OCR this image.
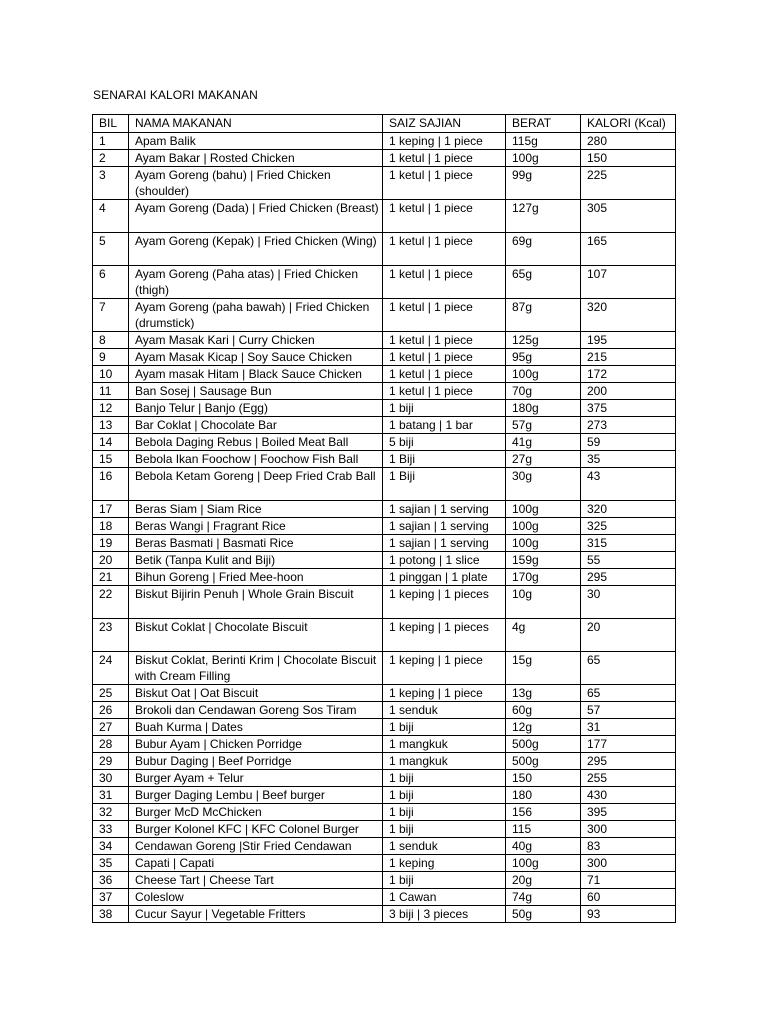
SENARAI KALORI MAKANAN
BIL	NAMA MAKANAN	SAIZ SAJIAN	BERAT	KALORI (Kcal)
1	Apam Balik	1 keping | 1 piece	115g	280
2	Ayam Bakar | Rosted Chicken	1 ketul | 1 piece	100g	150
3	Ayam Goreng (bahu) | Fried Chicken (shoulder)	1 ketul | 1 piece	99g	225
4	Ayam Goreng (Dada) | Fried Chicken (Breast)	1 ketul | 1 piece	127g	305
5	Ayam Goreng (Kepak) | Fried Chicken (Wing)	1 ketul | 1 piece	69g	165
6	Ayam Goreng (Paha atas) | Fried Chicken (thigh)	1 ketul | 1 piece	65g	107
7	Ayam Goreng (paha bawah) | Fried Chicken (drumstick)	1 ketul | 1 piece	87g	320
8	Ayam Masak Kari | Curry Chicken	1 ketul | 1 piece	125g	195
9	Ayam Masak Kicap | Soy Sauce Chicken	1 ketul | 1 piece	95g	215
10	Ayam masak Hitam | Black Sauce Chicken	1 ketul | 1 piece	100g	172
11	Ban Sosej | Sausage Bun	1 ketul | 1 piece	70g	200
12	Banjo Telur | Banjo (Egg)	1 biji	180g	375
13	Bar Coklat | Chocolate Bar	1 batang | 1 bar	57g	273
14	Bebola Daging Rebus | Boiled Meat Ball	5 biji	41g	59
15	Bebola Ikan Foochow | Foochow Fish Ball	1 Biji	27g	35
16	Bebola Ketam Goreng | Deep Fried Crab Ball	1 Biji	30g	43
17	Beras Siam | Siam Rice	1 sajian | 1 serving	100g	320
18	Beras Wangi | Fragrant Rice	1 sajian | 1 serving	100g	325
19	Beras Basmati | Basmati Rice	1 sajian | 1 serving	100g	315
20	Betik (Tanpa Kulit and Biji)	1 potong | 1 slice	159g	55
21	Bihun Goreng | Fried Mee-hoon	1 pinggan | 1 plate	170g	295
22	Biskut Bijirin Penuh | Whole Grain Biscuit	1 keping | 1 pieces	10g	30
23	Biskut Coklat | Chocolate Biscuit	1 keping | 1 pieces	4g	20
24	Biskut Coklat, Berinti Krim | Chocolate Biscuit with Cream Filling	1 keping | 1 piece	15g	65
25	Biskut Oat | Oat Biscuit	1 keping | 1 piece	13g	65
26	Brokoli dan Cendawan Goreng Sos Tiram	1 senduk	60g	57
27	Buah Kurma | Dates	1 biji	12g	31
28	Bubur Ayam | Chicken Porridge	1 mangkuk	500g	177
29	Bubur Daging | Beef Porridge	1 mangkuk	500g	295
30	Burger Ayam + Telur	1 biji	150	255
31	Burger Daging Lembu | Beef burger	1 biji	180	430
32	Burger McD McChicken	1 biji	156	395
33	Burger Kolonel KFC | KFC Colonel Burger	1 biji	115	300
34	Cendawan Goreng |Stir Fried Cendawan	1 senduk	40g	83
35	Capati | Capati	1 keping	100g	300
36	Cheese Tart | Cheese Tart	1 biji	20g	71
37	Coleslow	1 Cawan	74g	60
38	Cucur Sayur | Vegetable Fritters	3 biji | 3 pieces	50g	93
